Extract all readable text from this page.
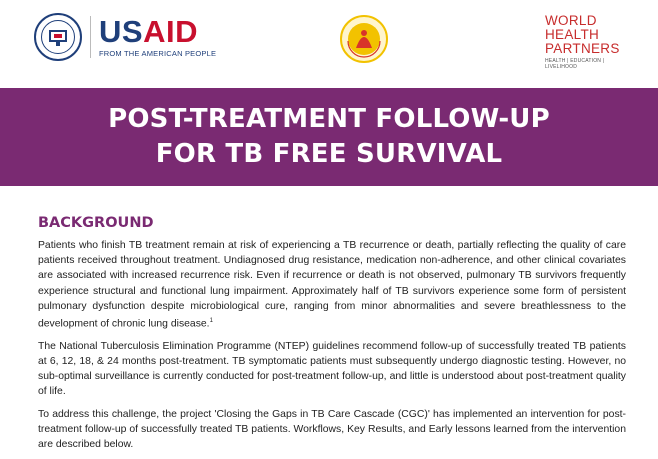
USAID
FROM THE AMERICAN PEOPLE
WORLD
HEALTH
PARTNERS
HEALTH | EDUCATION | LIVELIHOOD
POST-TREATMENT FOLLOW-UP
FOR TB FREE SURVIVAL
BACKGROUND

Patients who finish TB treatment remain at risk of experiencing a TB recurrence or death, partially reflecting the quality of care patients received throughout treatment. Undiagnosed drug resistance, medication non-adherence, and other clinical covariates are associated with increased recurrence risk. Even if recurrence or death is not observed, pulmonary TB survivors frequently experience structural and functional lung impairment. Approximately half of TB survivors experience some form of persistent pulmonary dysfunction despite microbiological cure, ranging from minor abnormalities and severe breathlessness to the development of chronic lung disease.$^1$

The National Tuberculosis Elimination Programme (NTEP) guidelines recommend follow-up of successfully treated TB patients at 6, 12, 18, & 24 months post-treatment. TB symptomatic patients must subsequently undergo diagnostic testing. However, no sub-optimal surveillance is currently conducted for post-treatment follow-up, and little is understood about post-treatment quality of life.

To address this challenge, the project 'Closing the Gaps in TB Care Cascade (CGC)' has implemented an intervention for post-treatment follow-up of successfully treated TB patients. Workflows, Key Results, and Early lessons learned from the intervention are described below.
